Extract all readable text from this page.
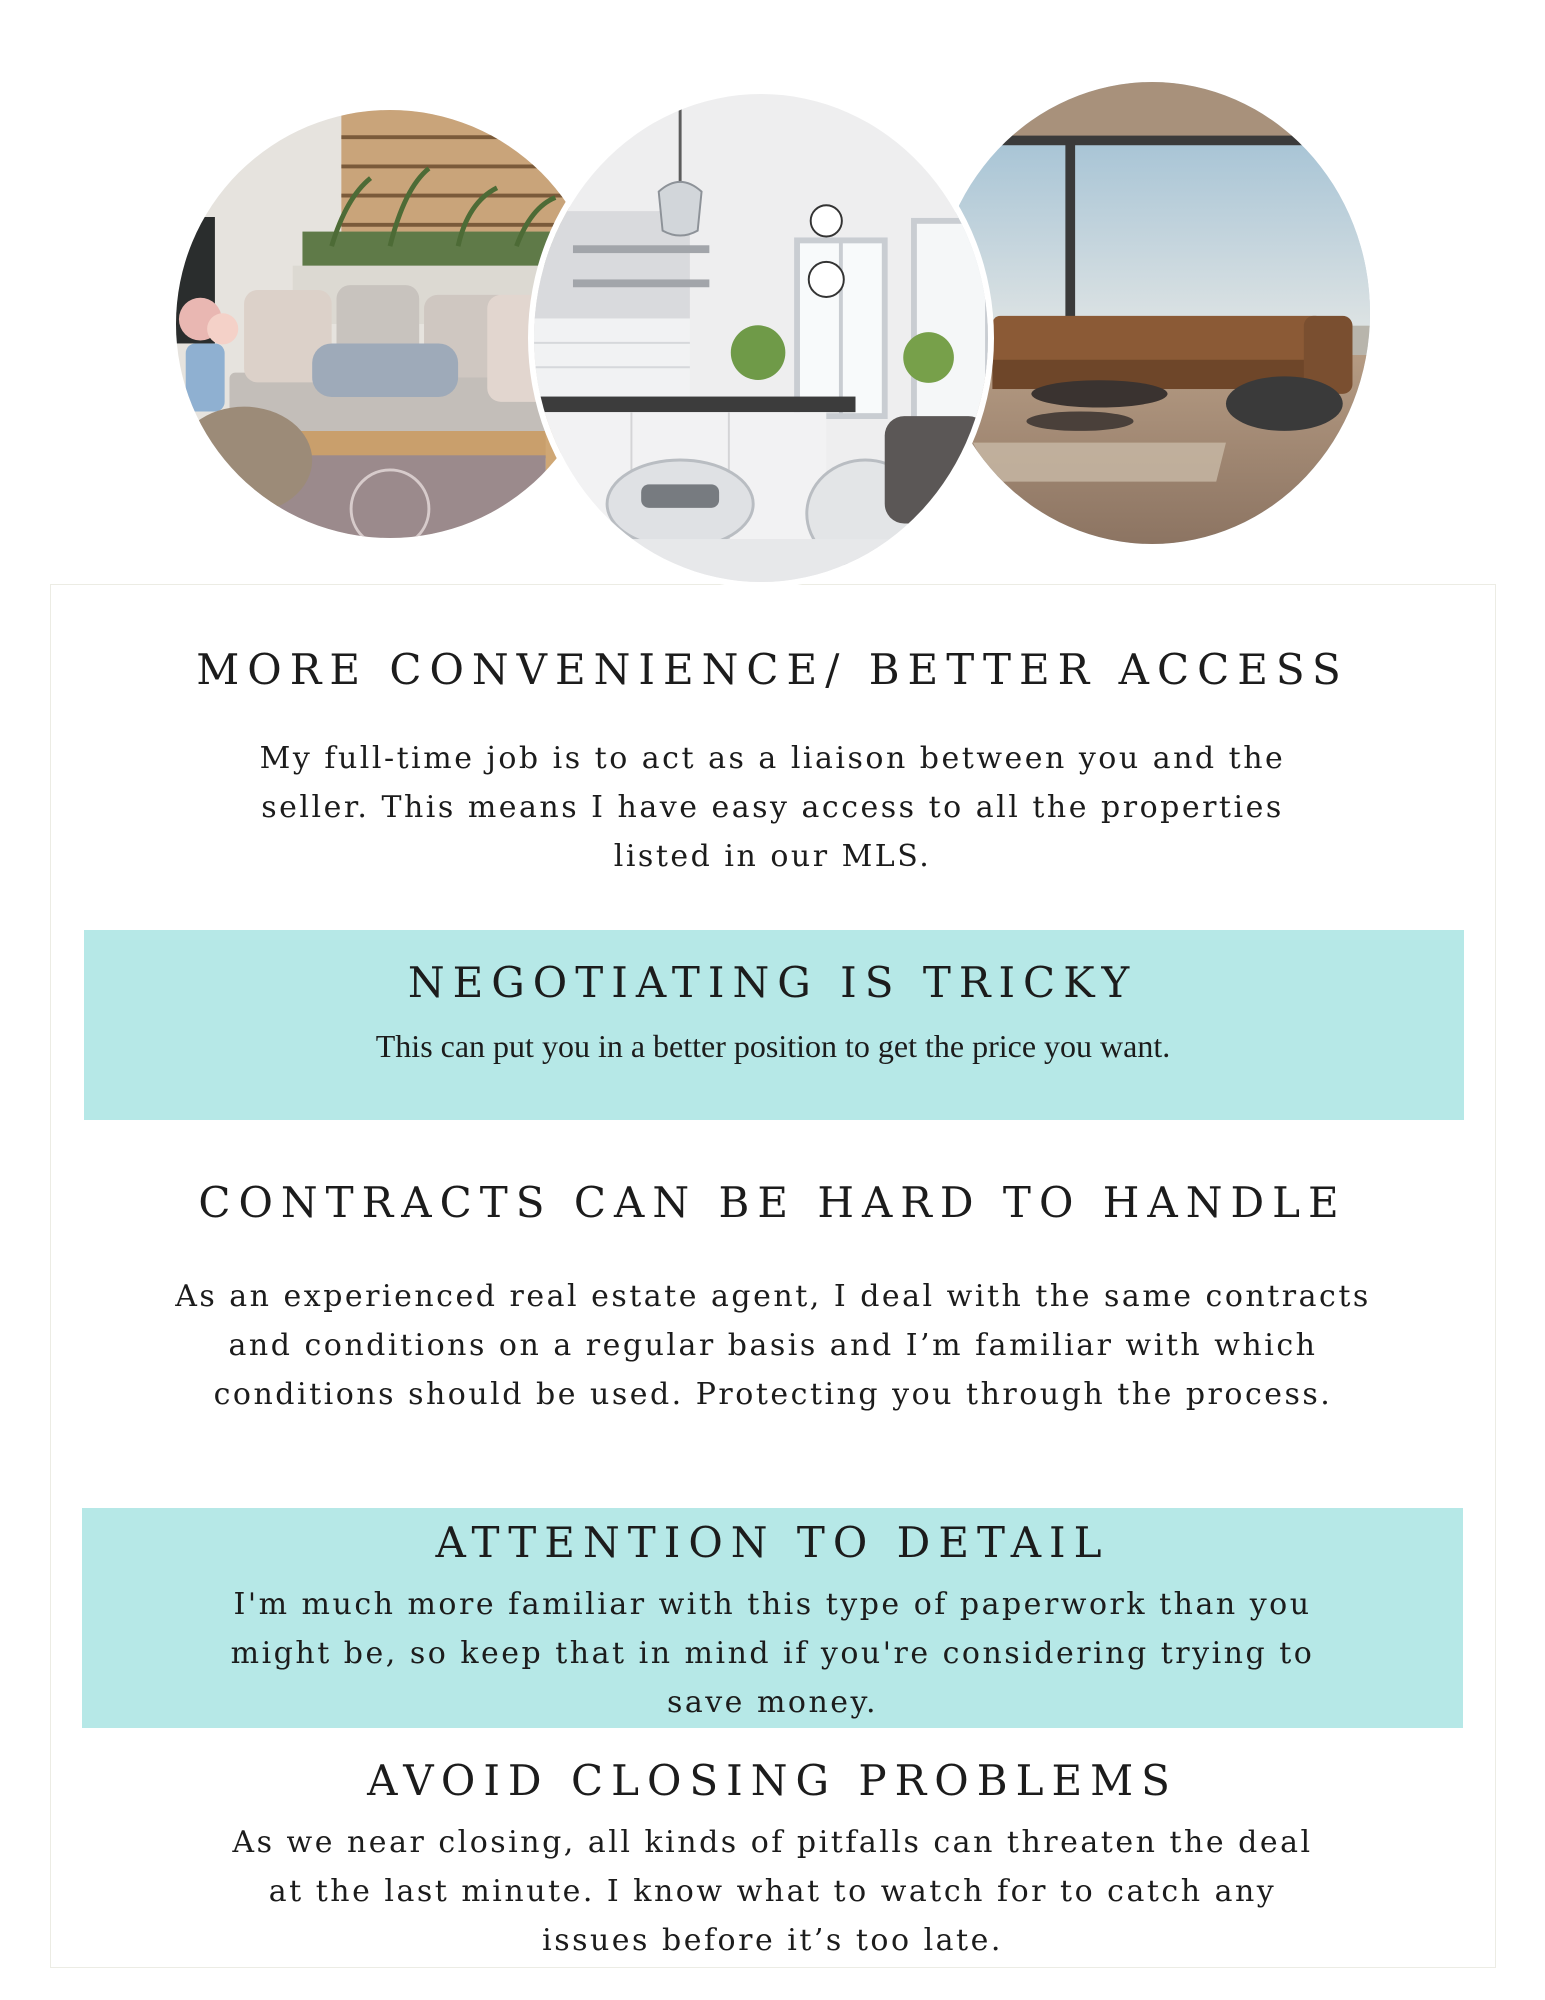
MORE CONVENIENCE/ BETTER ACCESS

My full-time job is to act as a liaison between you and the seller. This means I have easy access to all the properties listed in our MLS.

NEGOTIATING IS TRICKY

This can put you in a better position to get the price you want.

CONTRACTS CAN BE HARD TO HANDLE

As an experienced real estate agent, I deal with the same contracts and conditions on a regular basis and I’m familiar with which conditions should be used. Protecting you through the process.

ATTENTION TO DETAIL

I'm much more familiar with this type of paperwork than you might be, so keep that in mind if you're considering trying to save money.

AVOID CLOSING PROBLEMS

As we near closing, all kinds of pitfalls can threaten the deal at the last minute. I know what to watch for to catch any issues before it’s too late.
